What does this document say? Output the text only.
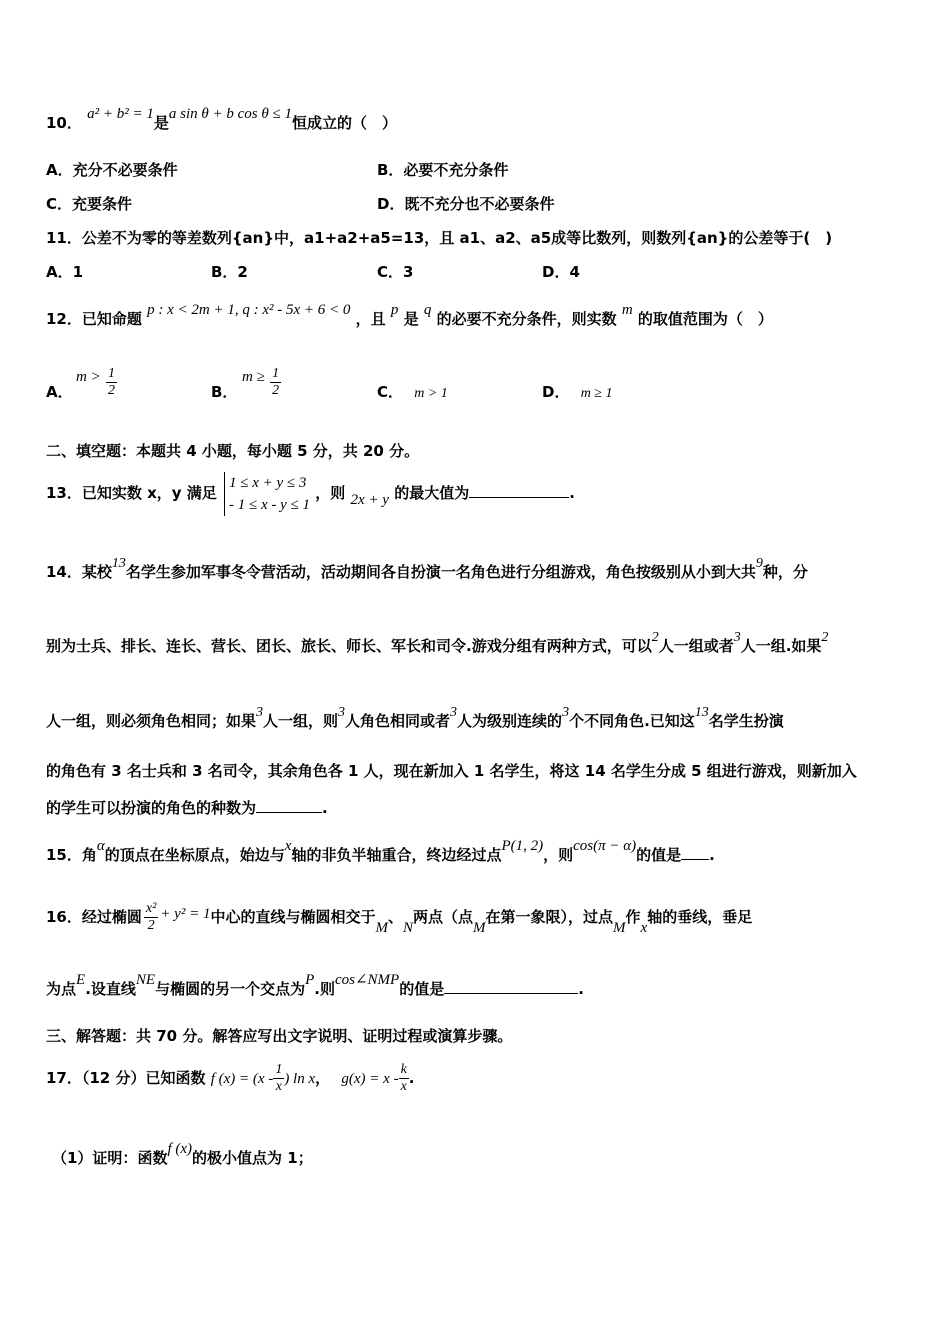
10． a² + b² = 1是a sin θ + b cos θ ≤ 1恒成立的（　）
A．充分不必要条件	B．必要不充分条件
C．充要条件	D．既不充分也不必要条件
11．公差不为零的等差数列{an}中，a1+a2+a5=13，且 a1、a2、a5成等比数列，则数列{an}的公差等于(　)
A．1	B．2	C．3	D．4
12．已知命题 p : x < 2m + 1, q : x² - 5x + 6 < 0 ，且 p 是 q 的必要不充分条件，则实数 m 的取值范围为（　）
A．
$m > \frac{1}{2}$	B．
$m \ge \frac{1}{2}$	C． m > 1	D． m ≥ 1
二、填空题：本题共 4 小题，每小题 5 分，共 20 分。
13．已知实数 x，y 满足
1 ≤ x + y ≤ 3
- 1 ≤ x - y ≤ 1
，则 2x + y 的最大值为	.
14．某校13名学生参加军事冬令营活动，活动期间各自扮演一名角色进行分组游戏，角色按级别从小到大共9种，分
别为士兵、排长、连长、营长、团长、旅长、师长、军长和司令.游戏分组有两种方式，可以2人一组或者3人一组.如果2
人一组，则必须角色相同；如果3人一组，则3人角色相同或者3人为级别连续的3个不同角色.已知这13名学生扮演
的角色有 3 名士兵和 3 名司令，其余角色各 1 人，现在新加入 1 名学生，将这 14 名学生分成 5 组进行游戏，则新加入
的学生可以扮演的角色的种数为	.
15．角α的顶点在坐标原点，始边与x轴的非负半轴重合，终边经过点P(1, 2)，则cos(π − α)的值是 .
16．经过椭圆 $\frac{\text{x²}}{2} + y^2 = 1$中心的直线与椭圆相交于M、N两点（点M在第一象限），过点M作x轴的垂线，垂足
为点E.设直线NE与椭圆的另一个交点为P.则cos∠NMP的值是	.
三、解答题：共 70 分。解答应写出文字说明、证明过程或演算步骤。
17．（12 分）已知函数 f $(x) = (x - \frac{1}{x}$ ) ln x， $g(x) = x - \frac{k}{x}$ .
（1）证明：函数f (x)的极小值点为 1；
